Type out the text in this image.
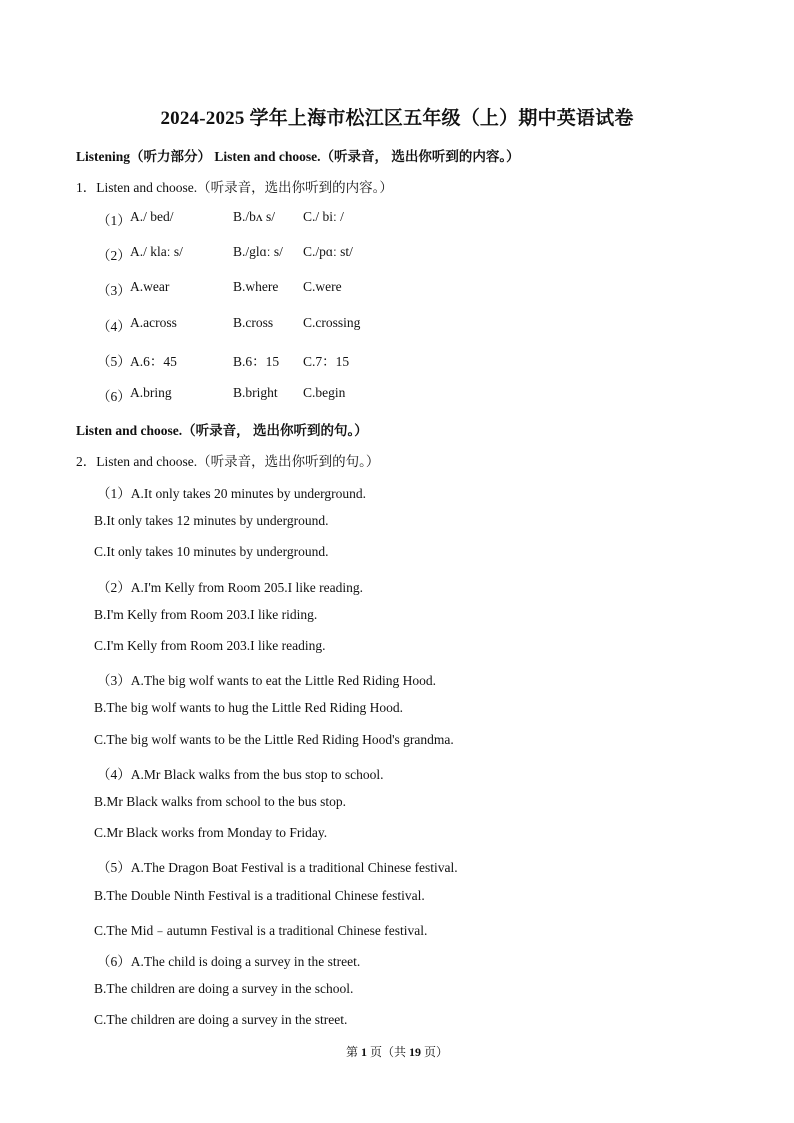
2024-2025 学年上海市松江区五年级（上）期中英语试卷
Listening（听力部分） Listen and choose.（听录音， 选出你听到的内容。）
1．Listen and choose.（听录音，选出你听到的内容。）
（1） A./ bed/	B./bʌ s/ C./ biː /
（2） A./ klaː s/	B./glɑː s/ C./pɑː st/
（3） A.wear	B.where C.were
（4） A.across	B.cross C.crossing
（5） A.6：45	B.6：15 C.7：15
（6） A.bring	B.bright C.begin
Listen and choose.（听录音， 选出你听到的句。）
2．Listen and choose.（听录音，选出你听到的句。）
（1）A.It only takes 20 minutes by underground.
B.It only takes 12 minutes by underground.
C.It only takes 10 minutes by underground.
（2）A.I'm Kelly from Room 205.I like reading.
B.I'm Kelly from Room 203.I like riding.
C.I'm Kelly from Room 203.I like reading.
（3）A.The big wolf wants to eat the Little Red Riding Hood.
B.The big wolf wants to hug the Little Red Riding Hood.
C.The big wolf wants to be the Little Red Riding Hood's grandma.
（4）A.Mr Black walks from the bus stop to school.
B.Mr Black walks from school to the bus stop.
C.Mr Black works from Monday to Friday.
（5）A.The Dragon Boat Festival is a traditional Chinese festival.
B.The Double Ninth Festival is a traditional Chinese festival.
C.The Mid﹣autumn Festival is a traditional Chinese festival.
（6）A.The child is doing a survey in the street.
B.The children are doing a survey in the school.
C.The children are doing a survey in the street.
第 1 页（共 19 页）
